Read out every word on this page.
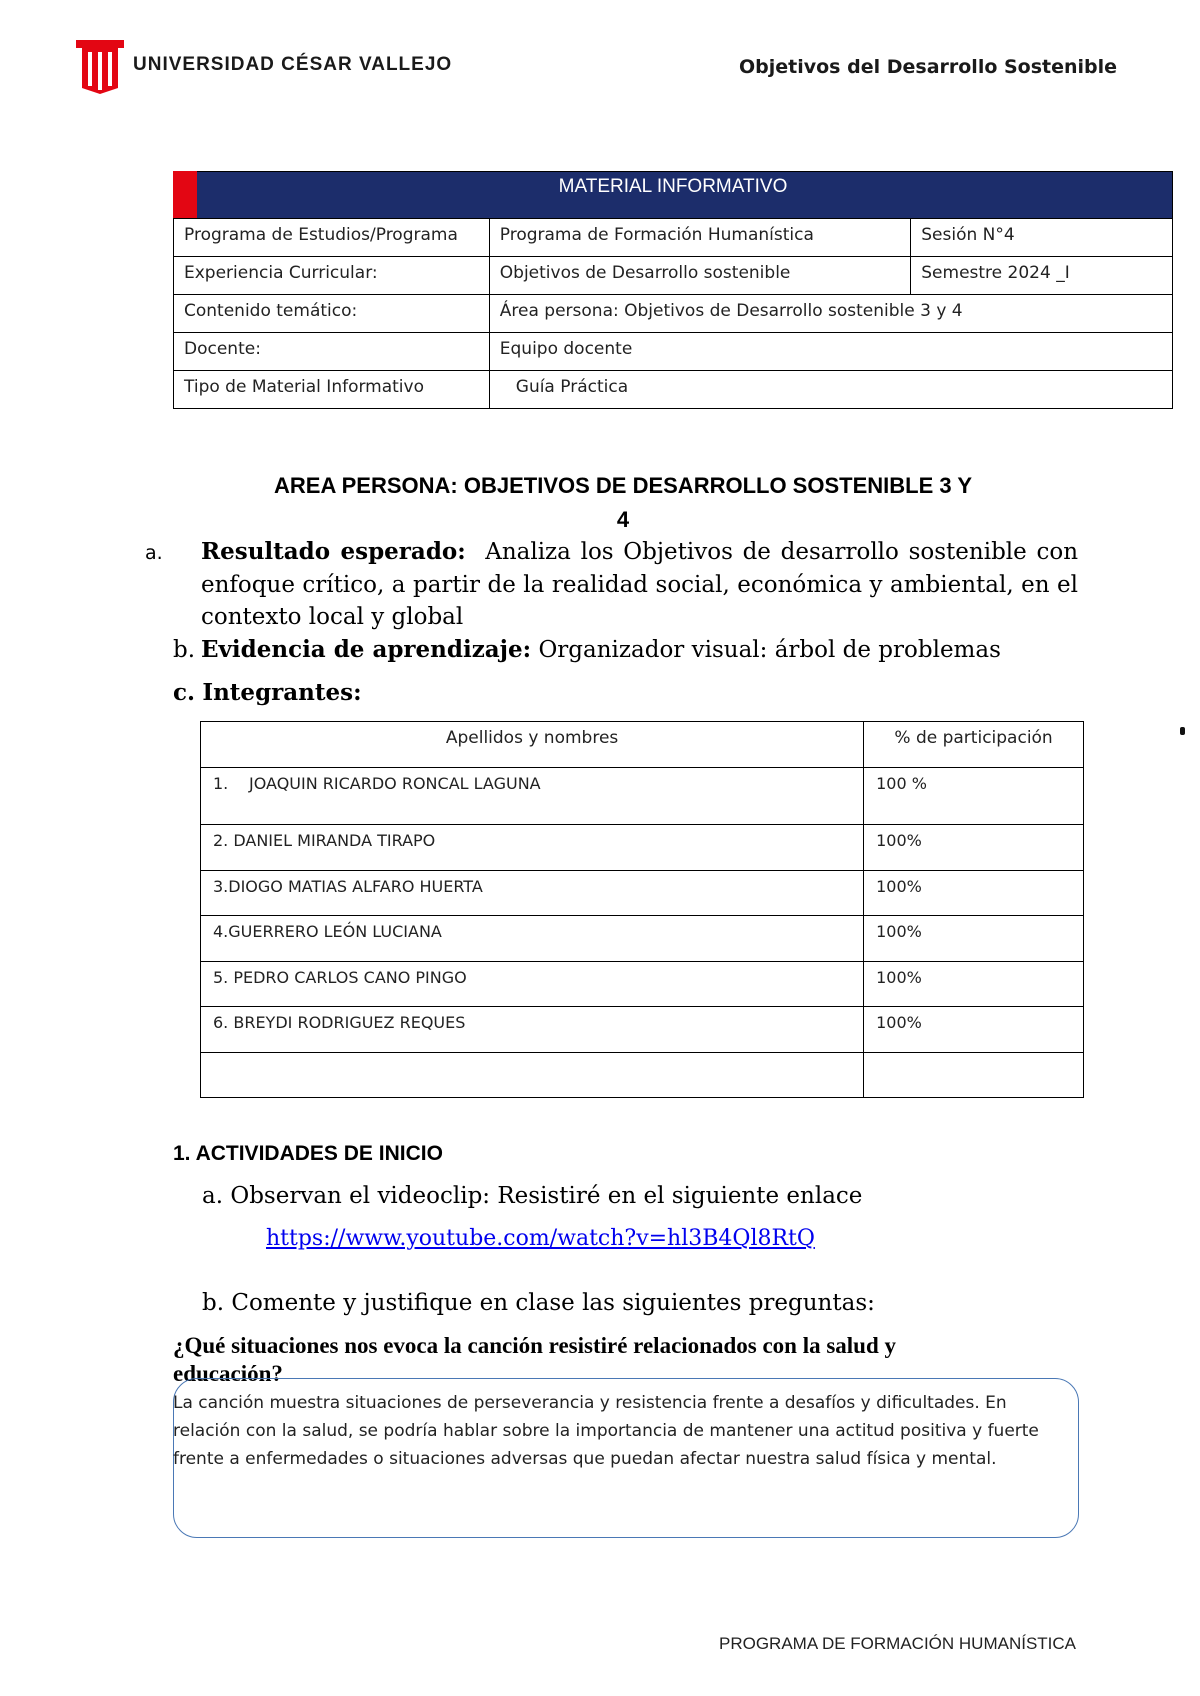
UNIVERSIDAD CÉSAR VALLEJO	Objetivos del Desarrollo Sostenible
MATERIAL INFORMATIVO		
Programa de Estudios/Programa	Programa de Formación Humanística	Sesión N°4
Experiencia Curricular:	Objetivos de Desarrollo sostenible	Semestre 2024 _I
Contenido temático:	Área persona: Objetivos de Desarrollo sostenible 3 y 4	
Docente:	Equipo docente	
Tipo de Material Informativo	Guía Práctica	
AREA PERSONA: OBJETIVOS DE DESARROLLO SOSTENIBLE 3 Y
4
a. Resultado esperado: Analiza los Objetivos de desarrollo sostenible con enfoque crítico, a partir de la realidad social, económica y ambiental, en el contexto local y global
b. Evidencia de aprendizaje: Organizador visual: árbol de problemas
c. Integrantes:
Apellidos y nombres	% de participación
1. JOAQUIN RICARDO RONCAL LAGUNA	100 %
2. DANIEL MIRANDA TIRAPO	100%
3.DIOGO MATIAS ALFARO HUERTA	100%
4.GUERRERO LEÓN LUCIANA	100%
5. PEDRO CARLOS CANO PINGO	100%
6. BREYDI RODRIGUEZ REQUES	100%

1. ACTIVIDADES DE INICIO
a. Observan el videoclip: Resistiré en el siguiente enlace
https://www.youtube.com/watch?v=hl3B4Ql8RtQ
b. Comente y justifique en clase las siguientes preguntas:
¿Qué situaciones nos evoca la canción resistiré relacionados con la salud y educación?
La canción muestra situaciones de perseverancia y resistencia frente a desafíos y dificultades. En relación con la salud, se podría hablar sobre la importancia de mantener una actitud positiva y fuerte frente a enfermedades o situaciones adversas que puedan afectar nuestra salud física y mental.
PROGRAMA DE FORMACIÓN HUMANÍSTICA
